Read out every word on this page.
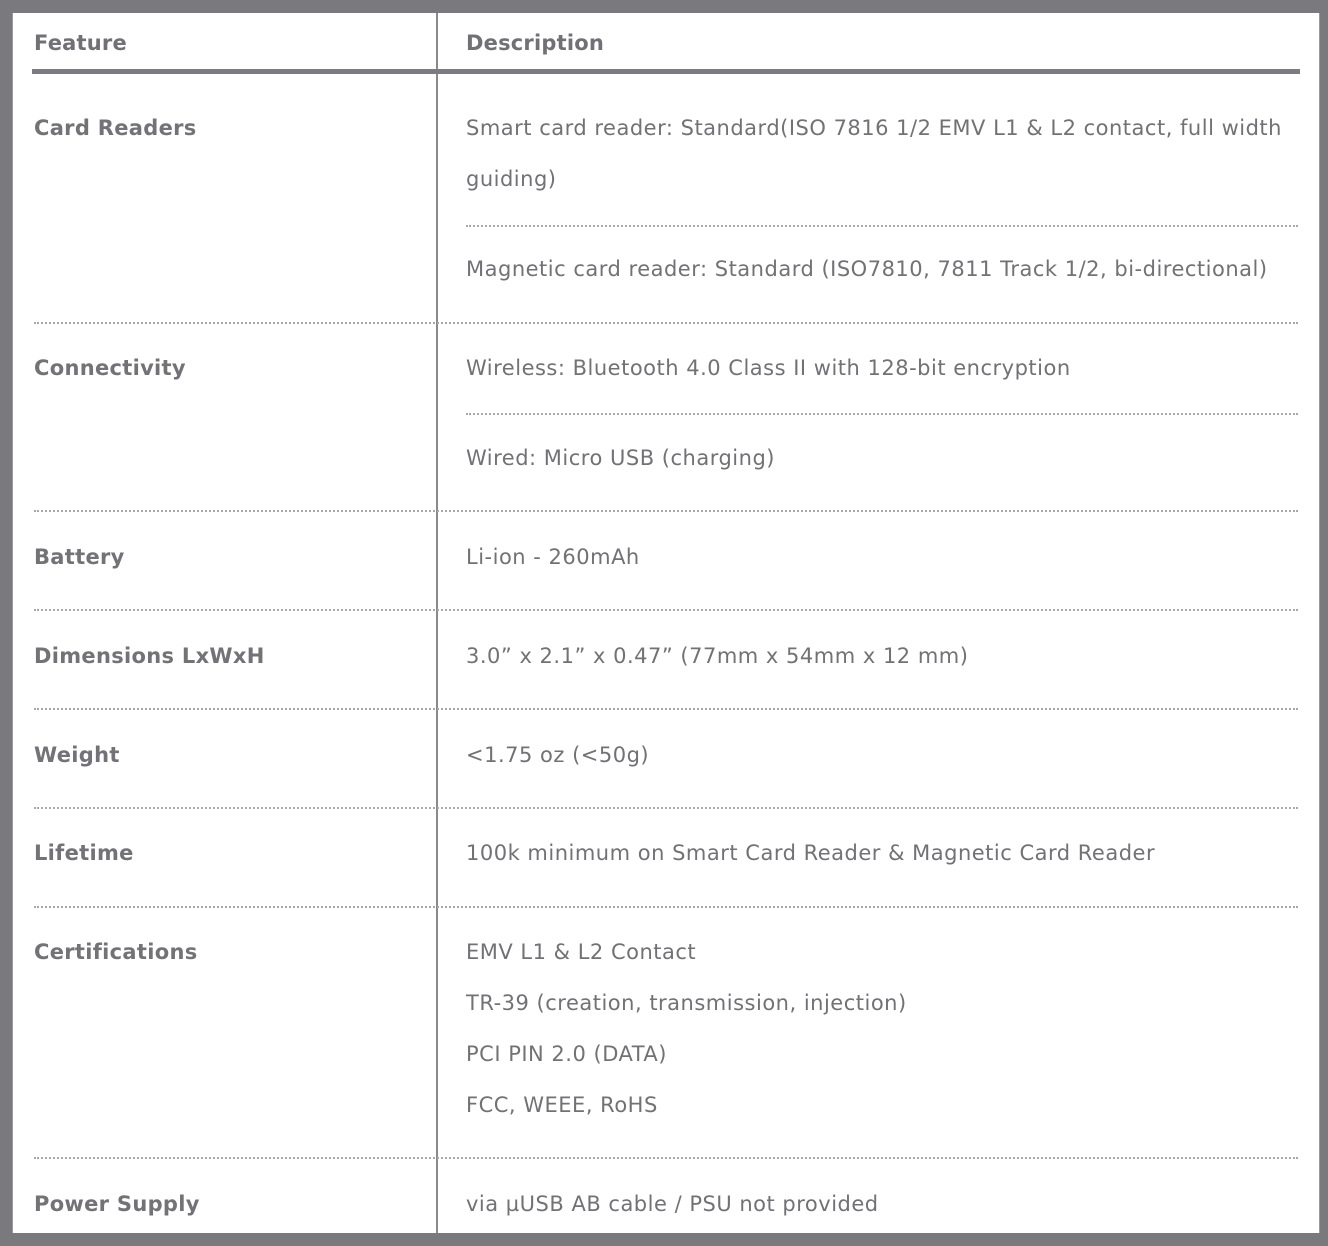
Feature	Description
Card Readers	Smart card reader: Standard(ISO 7816 1/2 EMV L1 & L2 contact, full width
guiding)
Magnetic card reader: Standard (ISO7810, 7811 Track 1/2, bi-directional)
Connectivity	Wireless: Bluetooth 4.0 Class II with 128-bit encryption
Wired: Micro USB (charging)
Battery	Li-ion - 260mAh
Dimensions LxWxH	3.0” x 2.1” x 0.47” (77mm x 54mm x 12 mm)
Weight	<1.75 oz (<50g)
Lifetime	100k minimum on Smart Card Reader & Magnetic Card Reader
Certifications	EMV L1 & L2 Contact
TR-39 (creation, transmission, injection)
PCI PIN 2.0 (DATA)
FCC, WEEE, RoHS
Power Supply	via µUSB AB cable / PSU not provided
